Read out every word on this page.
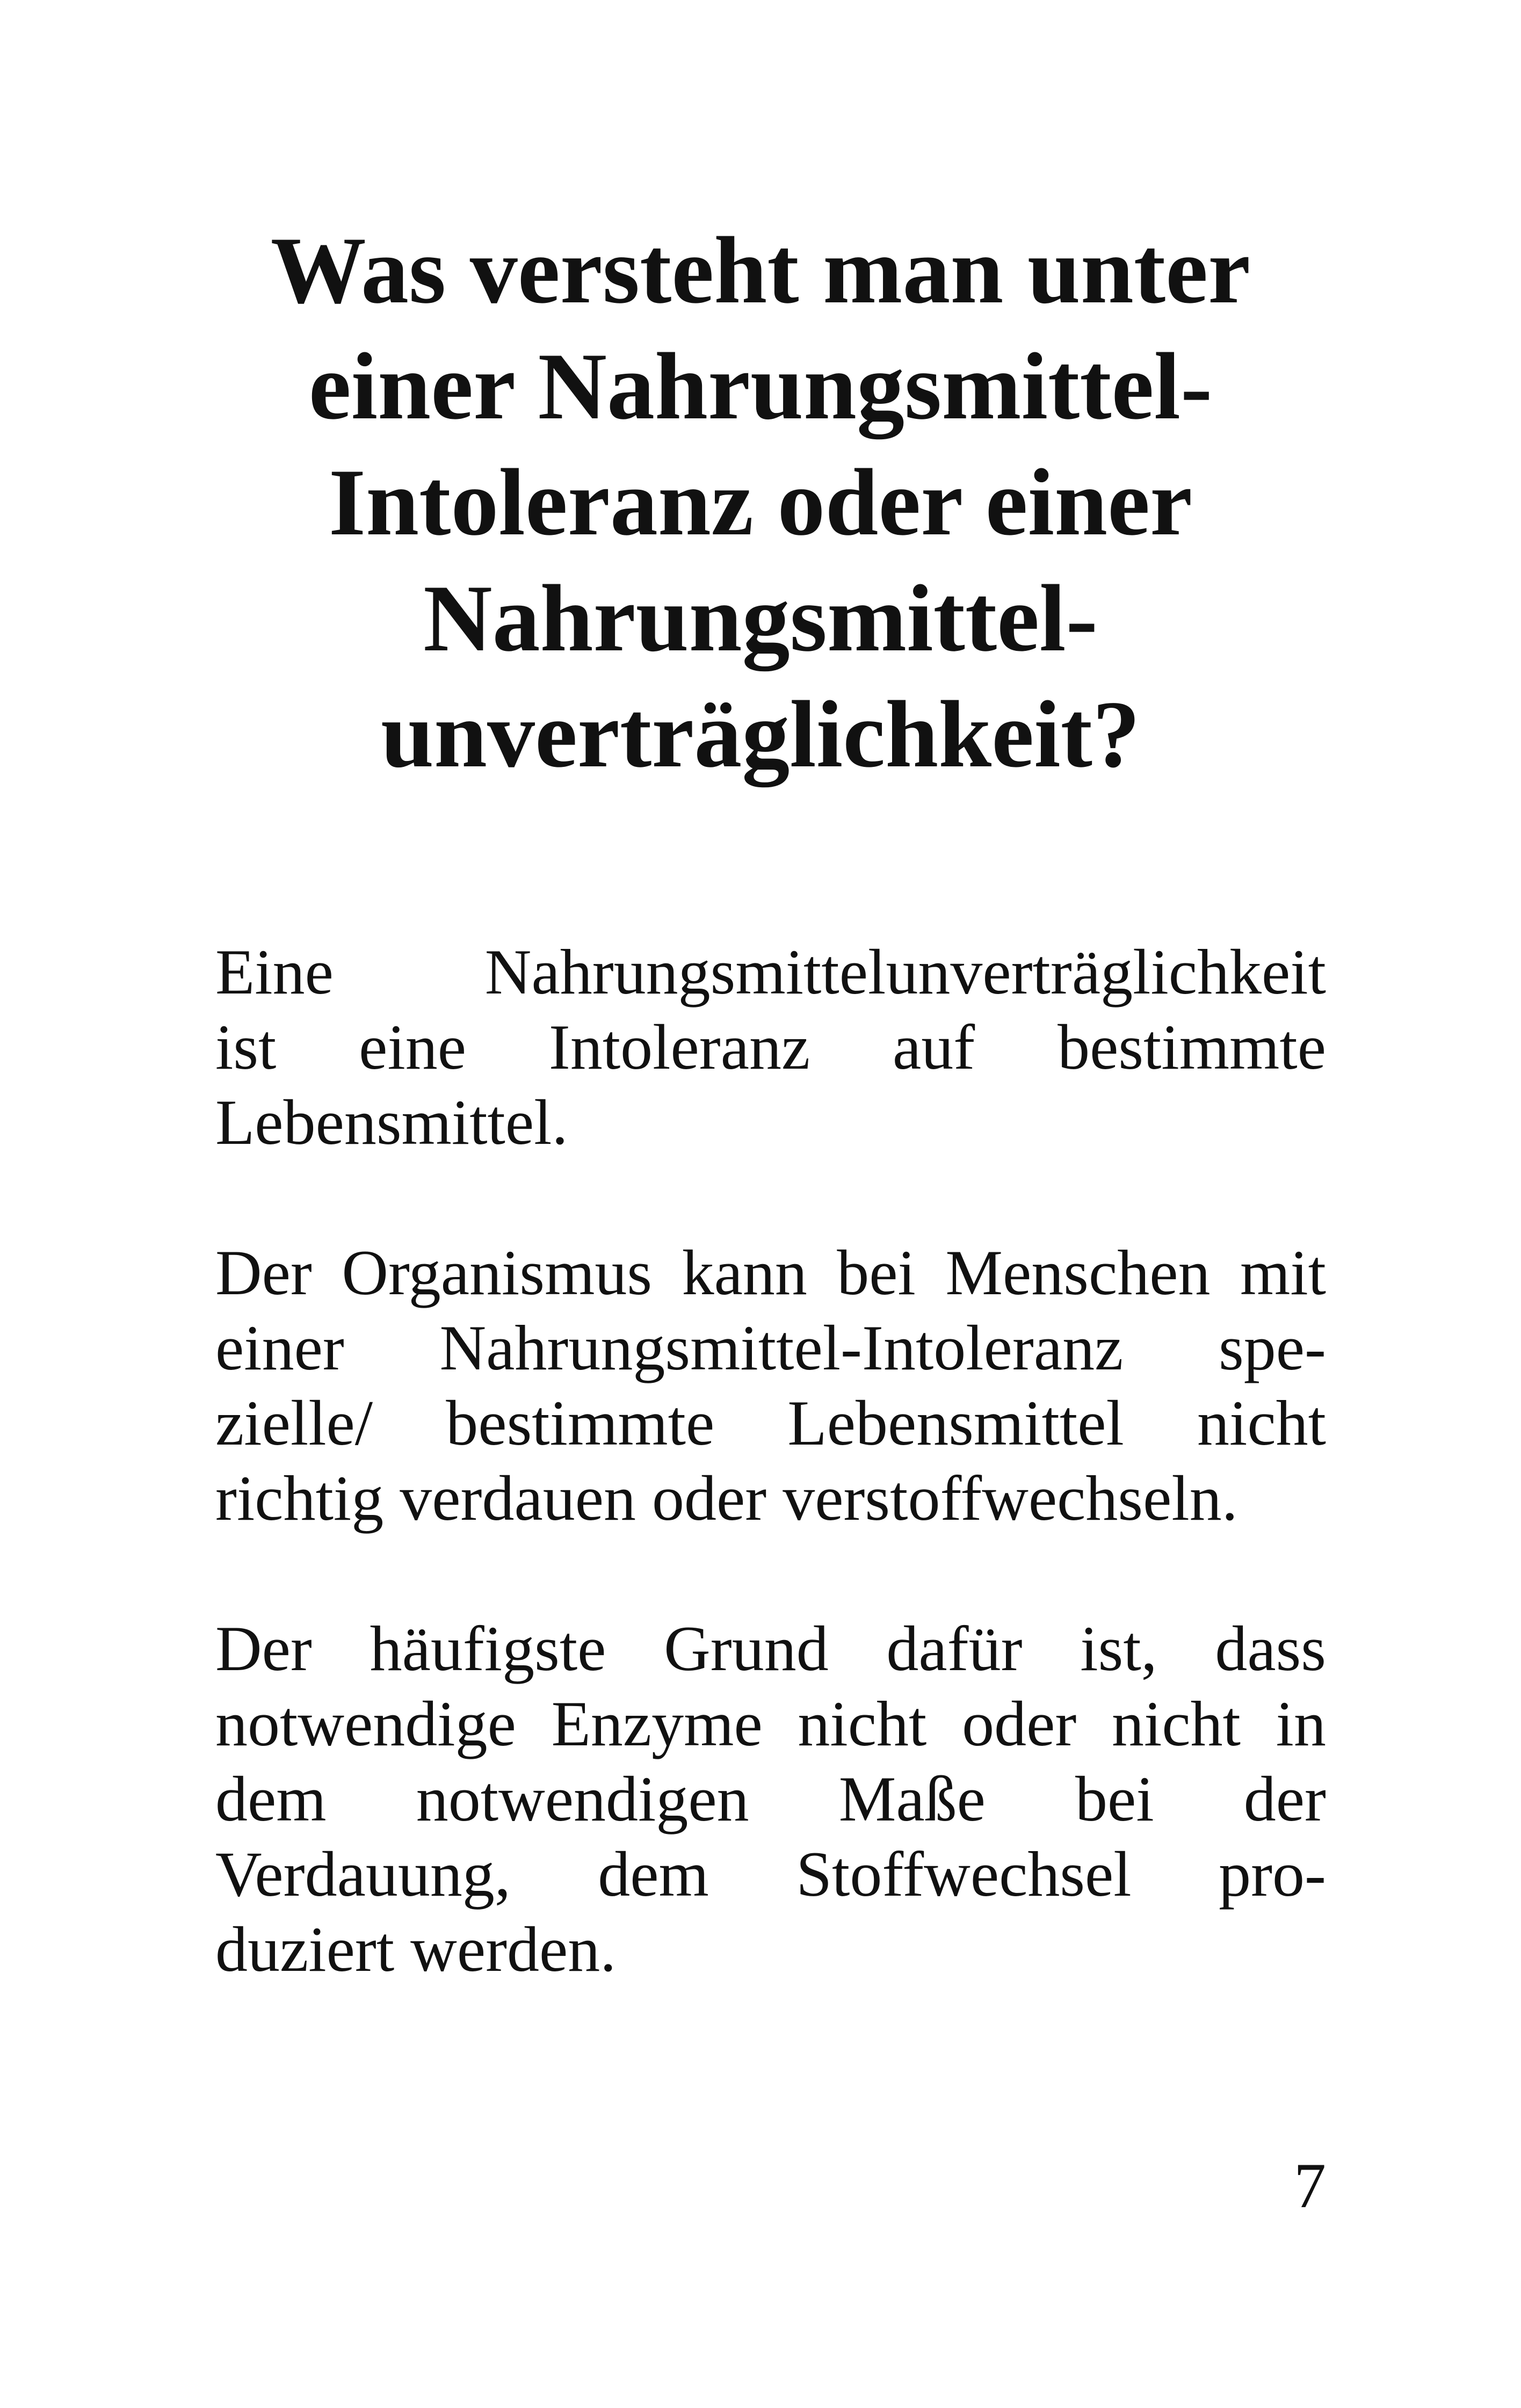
Was versteht man unter
einer Nahrungsmittel-
Intoleranz oder einer
Nahrungsmittel-
unverträglichkeit?

Eine Nahrungsmittelunverträglichkeit
ist eine Intoleranz auf bestimmte
Lebensmittel.

Der Organismus kann bei Menschen mit
einer Nahrungsmittel-Intoleranz spe-
zielle/ bestimmte Lebensmittel nicht
richtig verdauen oder verstoffwechseln.

Der häufigste Grund dafür ist, dass
notwendige Enzyme nicht oder nicht in
dem notwendigen Maße bei der
Verdauung, dem Stoffwechsel pro-
duziert werden.

7
